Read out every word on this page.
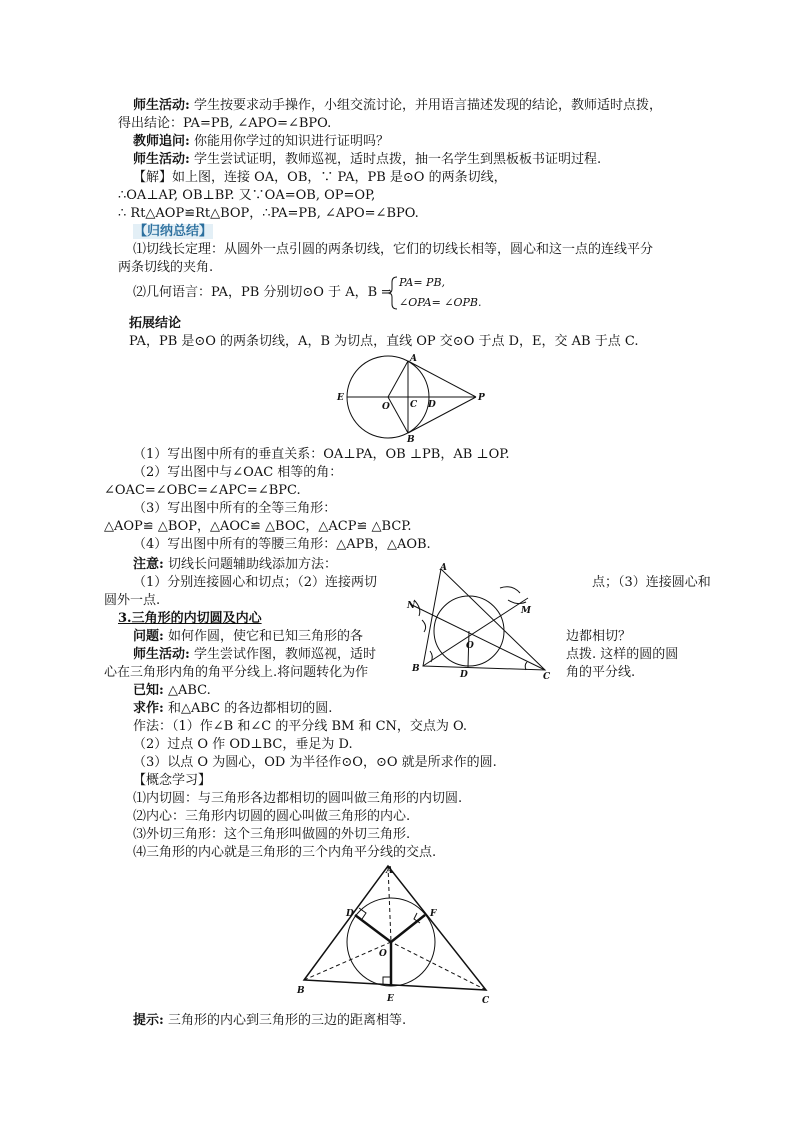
师生活动: 学生按要求动手操作，小组交流讨论，并用语言描述发现的结论，教师适时点拨，
得出结论：PA=PB, ∠APO=∠BPO.
教师追问: 你能用你学过的知识进行证明吗？
师生活动: 学生尝试证明，教师巡视，适时点拨，抽一名学生到黑板板书证明过程.
【解】如上图，连接 OA，OB，∵ PA，PB 是⊙O 的两条切线，
∴OA⊥AP, OB⊥BP. 又∵OA=OB, OP=OP,
∴ Rt△AOP≌Rt△BOP，∴PA=PB, ∠APO=∠BPO.
【归纳总结】
⑴切线长定理：从圆外一点引圆的两条切线，它们的切线长相等，圆心和这一点的连线平分
两条切线的夹角.
⑵几何语言：PA，PB 分别切⊙O 于 A，B ⇒
PA= PB,
∠OPA= ∠OPB.
拓展结论
PA，PB 是⊙O 的两条切线，A，B 为切点，直线 OP 交⊙O 于点 D，E，交 AB 于点 C.
A
B
C D
E
O
P
（1）写出图中所有的垂直关系：OA⊥PA，OB ⊥PB，AB ⊥OP.
（2）写出图中与∠OAC 相等的角：
∠OAC=∠OBC=∠APC=∠BPC.
（3）写出图中所有的全等三角形：
△AOP≌ △BOP，△AOC≌ △BOC，△ACP≌ △BCP.
（4）写出图中所有的等腰三角形：△APB，△AOB.
注意: 切线长问题辅助线添加方法：
（1）分别连接圆心和切点；（2）连接两切	点；（3）连接圆心和
圆外一点.
3.三角形的内切圆及内心
问题: 如何作圆，使它和已知三角形的各	边都相切？
师生活动: 学生尝试作图，教师巡视，适时	点拨. 这样的圆的圆
心在三角形内角的角平分线上.将问题转化为作	角的平分线.
A
B
C
D
M
N
O
已知: △ABC.
求作: 和△ABC 的各边都相切的圆.
作法：（1）作∠B 和∠C 的平分线 BM 和 CN，交点为 O.
（2）过点 O 作 OD⊥BC，垂足为 D.
（3）以点 O 为圆心，OD 为半径作⊙O，⊙O 就是所求作的圆.
【概念学习】
⑴内切圆：与三角形各边都相切的圆叫做三角形的内切圆.
⑵内心：三角形内切圆的圆心叫做三角形的内心.
⑶外切三角形：这个三角形叫做圆的外切三角形.
⑷三角形的内心就是三角形的三个内角平分线的交点.
A
B
C
D
E
F
O
提示: 三角形的内心到三角形的三边的距离相等.
